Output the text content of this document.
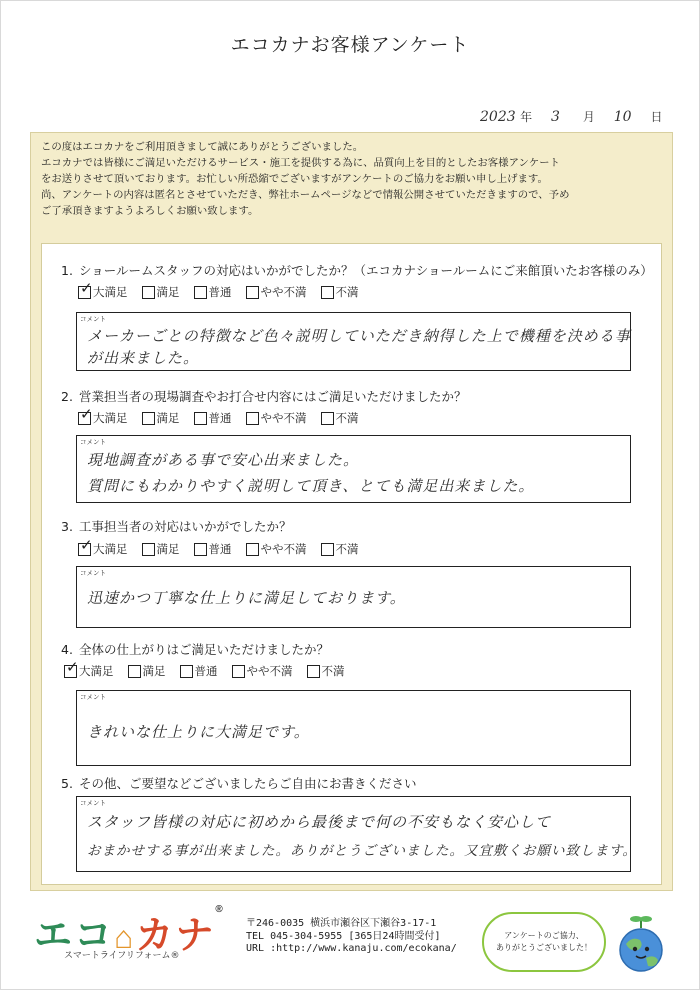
エコカナお客様アンケート
2023 年 3 月 10 日

この度はエコカナをご利用頂きまして誠にありがとうございました。

エコカナでは皆様にご満足いただけるサービス・施工を提供する為に、品質向上を目的としたお客様アンケート

をお送りさせて頂いております。お忙しい所恐縮でございますがアンケートのご協力をお願い申し上げます。

尚、アンケートの内容は匿名とさせていただき、弊社ホームページなどで情報公開させていただきますので、予め

ご了承頂きますようよろしくお願い致します。

1. ショールームスタッフの対応はいかがでしたか？（エコカナショールームにご来館頂いたお客様のみ）
✓ 大満足	満足	普通	やや不満	不満
コメント
メーカーごとの特徴など色々説明していただき納得した上で機種を決める事
が出来ました。
2. 営業担当者の現場調査やお打合せ内容にはご満足いただけましたか？
✓ 大満足	満足	普通	やや不満	不満
コメント
現地調査がある事で安心出来ました。
質問にもわかりやすく説明して頂き、とても満足出来ました。
3. 工事担当者の対応はいかがでしたか？
✓ 大満足	満足	普通	やや不満	不満
コメント
迅速かつ丁寧な仕上りに満足しております。
4. 全体の仕上がりはご満足いただけましたか？
✓ 大満足	満足	普通	やや不満	不満
コメント
きれいな仕上りに大満足です。
5. その他、ご要望などございましたらご自由にお書きください
コメント
スタッフ皆様の対応に初めから最後まで何の不安もなく安心して
おまかせする事が出来ました。ありがとうございました。又宜敷くお願い致します。
エコ⌂カナ®
スマートライフリフォーム®

〒246-0035 横浜市瀬谷区下瀬谷3-17-1

TEL 045-304-5955 [365日24時間受付]

URL :http://www.kanaju.com/ecokana/

アンケートのご協力、
ありがとうございました！
